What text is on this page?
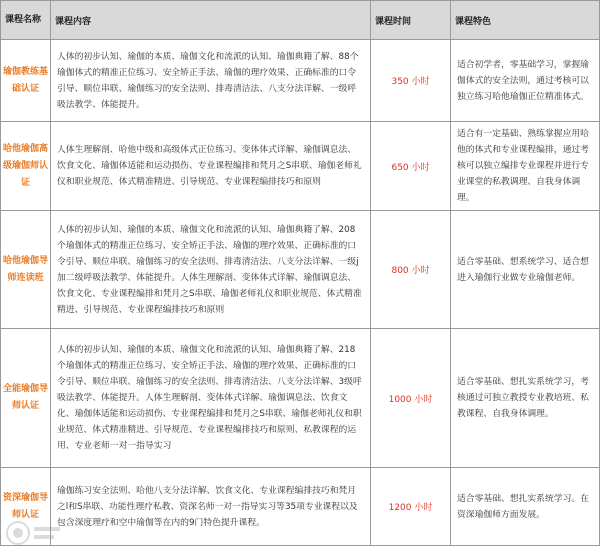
课程名称	课程内容	课程时间	课程特色
瑜伽教练基础认证	人体的初步认知、瑜伽的本质、瑜伽文化和流派的认知、瑜伽典籍了解、88个瑜伽体式的精准正位练习、安全矫正手法、瑜伽的理疗效果、正确标准的口令引导、顺位串联、瑜伽练习的安全法则、排毒清洁法、八支分法详解、一级呼吸法教学、体能提升。	350 小时	适合初学者，零基础学习，掌握瑜伽体式的安全法则，通过考核可以独立练习哈他瑜伽正位精准体式。
哈他瑜伽高级瑜伽师认证	人体生理解剖、哈他中级和高级体式正位练习、变体体式详解、瑜伽调息法、饮食文化、瑜伽体适能和运动损伤、专业课程编排和梵月之S串联、瑜伽老师礼仪和职业规范、体式精准精进、引导规范、专业课程编排技巧和原则	650 小时	适合有一定基础、熟练掌握应用哈他的体式和专业课程编排，通过考核可以独立编排专业课程并进行专业课堂的私教调理、自我身体调理。
哈他瑜伽导师连读班	人体的初步认知、瑜伽的本质、瑜伽文化和流派的认知、瑜伽典籍了解、208个瑜伽体式的精准正位练习、安全矫正手法、瑜伽的理疗效果、正确标准的口令引导、顺位串联、瑜伽练习的安全法则、排毒清洁法、八支分法详解、一级j加二级呼吸法教学、体能提升。人体生理解剖、变体体式详解、瑜伽调息法、饮食文化、专业课程编排和梵月之S串联、瑜伽老师礼仪和职业规范、体式精准精进、引导规范、专业课程编排技巧和原则	800 小时	适合零基础、想系统学习、适合想进入瑜伽行业做专业瑜伽老师。
全能瑜伽导师认证	人体的初步认知、瑜伽的本质、瑜伽文化和流派的认知、瑜伽典籍了解、218个瑜伽体式的精准正位练习、安全矫正手法、瑜伽的理疗效果、正确标准的口令引导、顺位串联、瑜伽练习的安全法则、排毒清洁法、八支分法详解、3级呼吸法教学、体能提升。人体生理解剖、变体体式详解、瑜伽调息法、饮食文化、瑜伽体适能和运动损伤、专业课程编排和梵月之S串联、瑜伽老师礼仪和职业规范、体式精准精进、引导规范、专业课程编排技巧和原则、私教课程的运用、专业老师一对一指导实习	1000 小时	适合零基础、想扎实系统学习，考核通过可独立教授专业教培班、私教课程、自我身体调理。
资深瑜伽导师认证	瑜伽练习安全法则、哈他八支分法详解、饮食文化、专业课程编排技巧和梵月之l和S串联、功能性理疗私教、资深名师一对一指导实习等35项专业课程以及包含深度理疗和空中瑜伽等在内的9门特色提升课程。	1200 小时	适合零基础、想扎实系统学习。在资深瑜伽师方面发展。
